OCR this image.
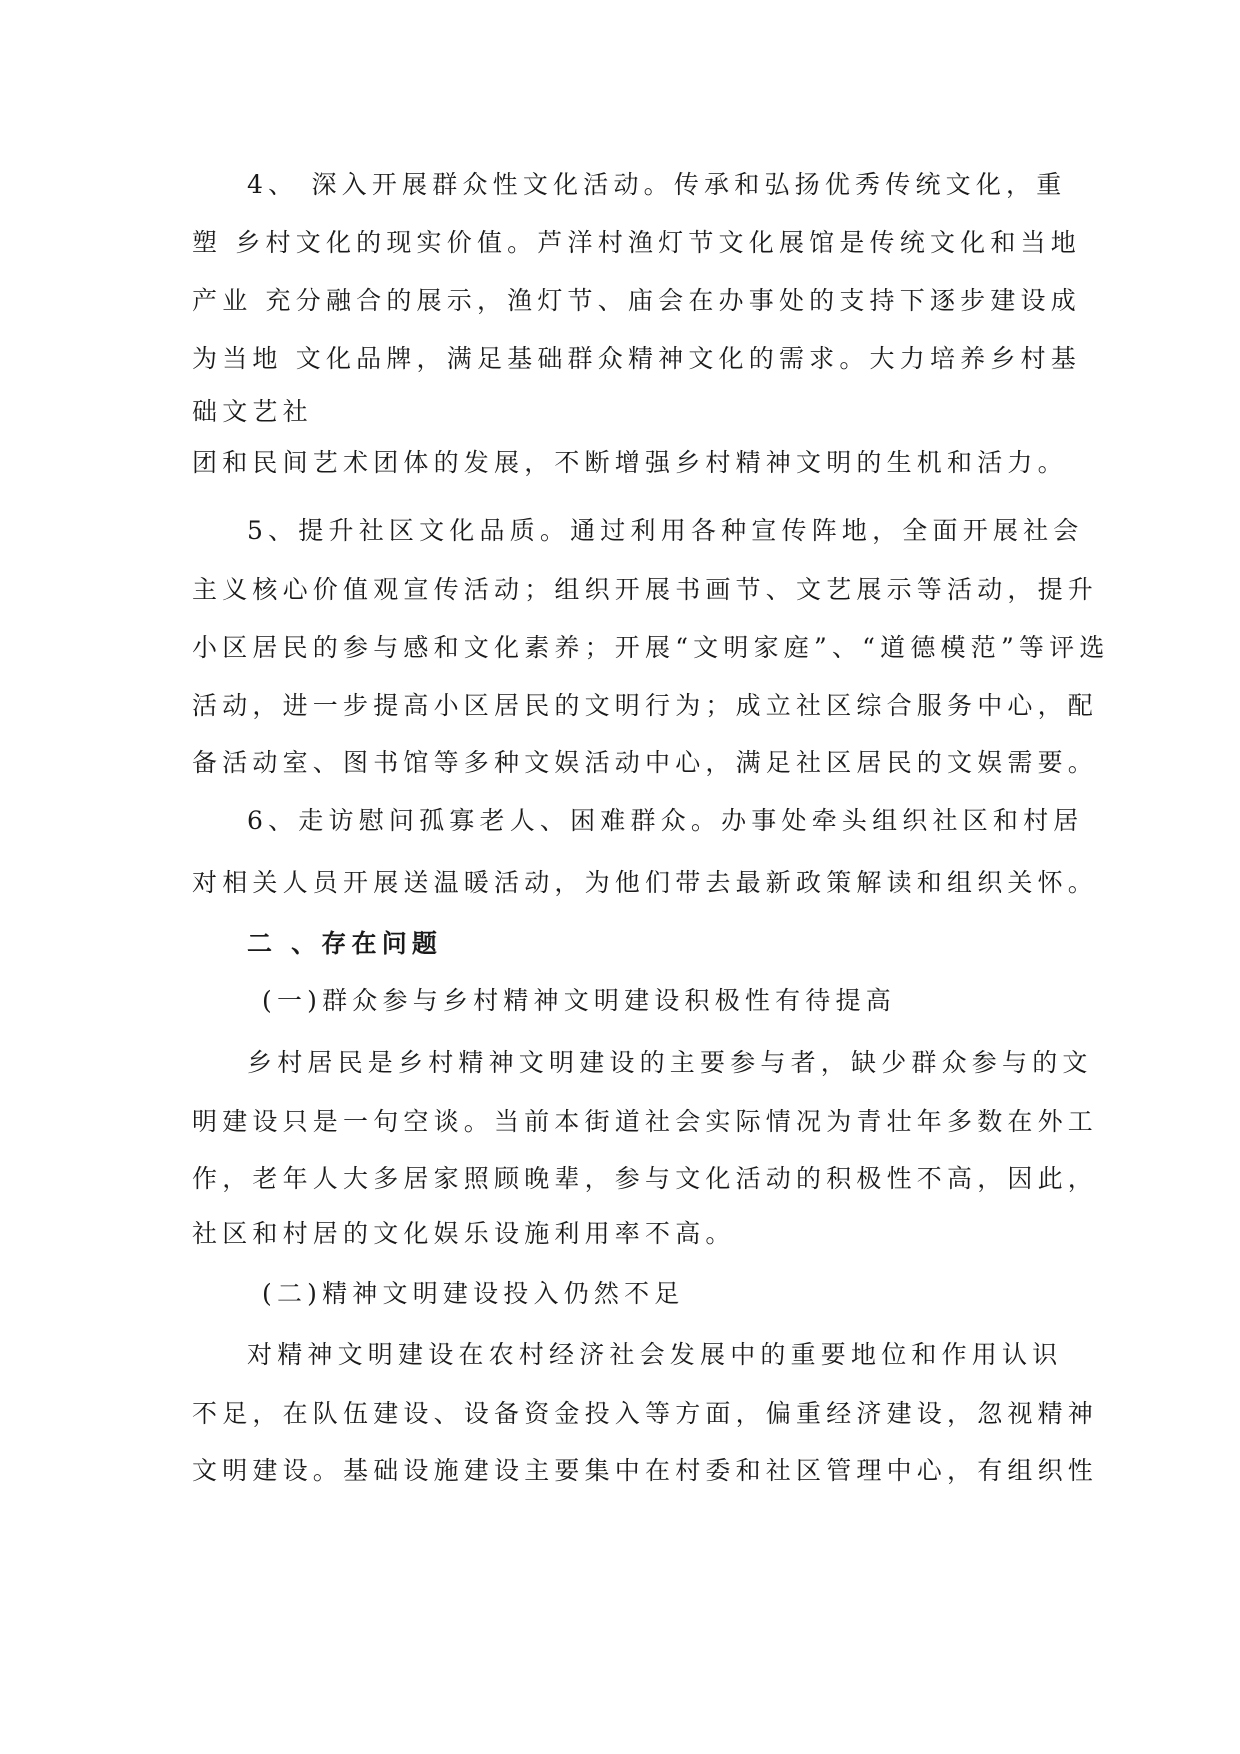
4、 深入开展群众性文化活动。传承和弘扬优秀传统文化，重
塑 乡村文化的现实价值。芦洋村渔灯节文化展馆是传统文化和当地
产业 充分融合的展示，渔灯节、庙会在办事处的支持下逐步建设成
为当地 文化品牌，满足基础群众精神文化的需求。大力培养乡村基
础文艺社
团和民间艺术团体的发展，不断增强乡村精神文明的生机和活力。
5、提升社区文化品质。通过利用各种宣传阵地，全面开展社会
主义核心价值观宣传活动；组织开展书画节、文艺展示等活动，提升
小区居民的参与感和文化素养；开展“文明家庭”、“道德模范”等评选
活动，进一步提高小区居民的文明行为；成立社区综合服务中心，配
备活动室、图书馆等多种文娱活动中心，满足社区居民的文娱需要。
6、走访慰问孤寡老人、困难群众。办事处牵头组织社区和村居
对相关人员开展送温暖活动，为他们带去最新政策解读和组织关怀。
二 、存在问题
(一)群众参与乡村精神文明建设积极性有待提高
乡村居民是乡村精神文明建设的主要参与者，缺少群众参与的文
明建设只是一句空谈。当前本街道社会实际情况为青壮年多数在外工
作，老年人大多居家照顾晚辈，参与文化活动的积极性不高，因此，
社区和村居的文化娱乐设施利用率不高。
(二)精神文明建设投入仍然不足
对精神文明建设在农村经济社会发展中的重要地位和作用认识
不足，在队伍建设、设备资金投入等方面，偏重经济建设，忽视精神
文明建设。基础设施建设主要集中在村委和社区管理中心，有组织性
